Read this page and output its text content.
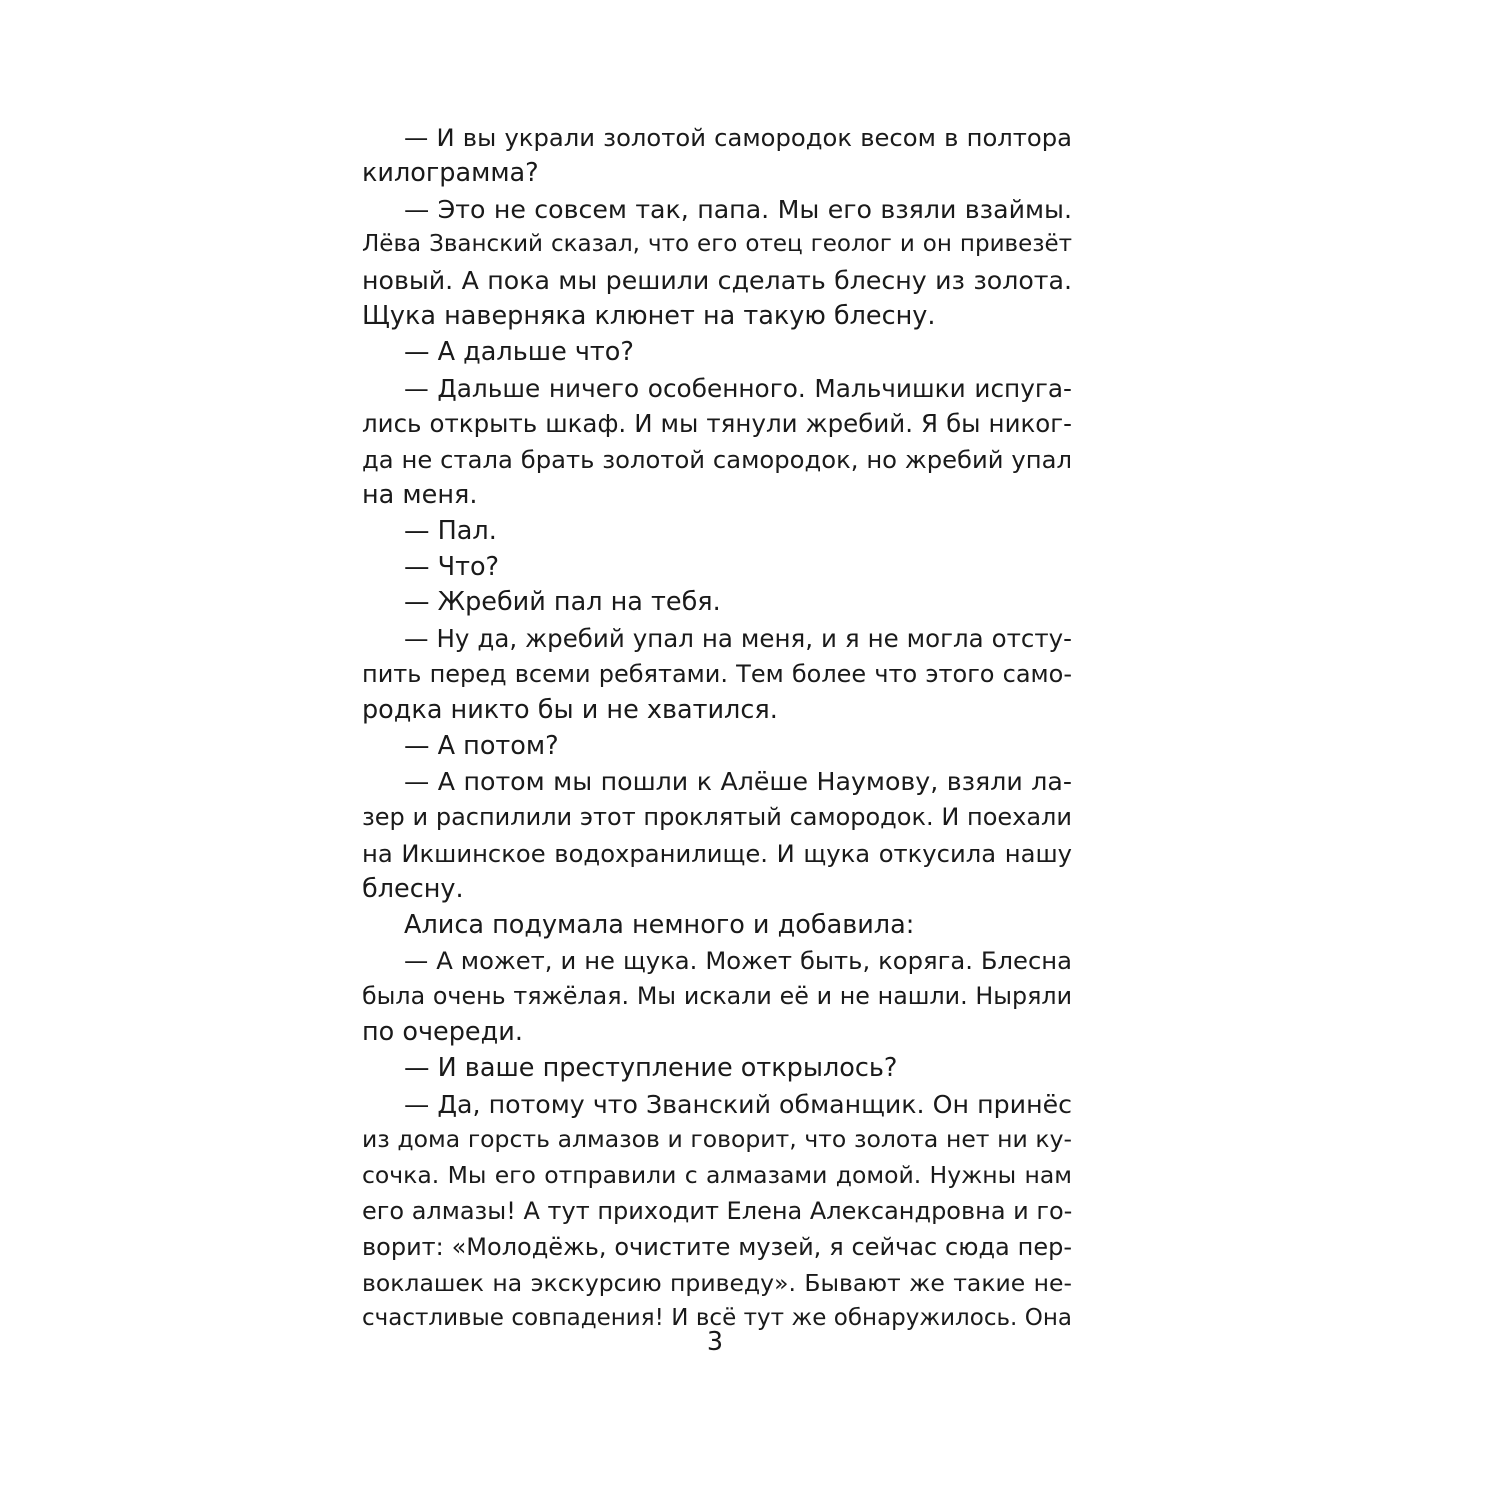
— И вы украли золотой самородок весом в полтора
килограмма?
— Это не совсем так, папа. Мы его взяли взаймы.
Лёва Званский сказал, что его отец геолог и он привезёт
новый. А пока мы решили сделать блесну из золота.
Щука наверняка клюнет на такую блесну.
— А дальше что?
— Дальше ничего особенного. Мальчишки испуга-
лись открыть шкаф. И мы тянули жребий. Я бы никог-
да не стала брать золотой самородок, но жребий упал
на меня.
— Пал.
— Что?
— Жребий пал на тебя.
— Ну да, жребий упал на меня, и я не могла отсту-
пить перед всеми ребятами. Тем более что этого само-
родка никто бы и не хватился.
— А потом?
— А потом мы пошли к Алёше Наумову, взяли ла-
зер и распилили этот проклятый самородок. И поехали
на Икшинское водохранилище. И щука откусила нашу
блесну.
Алиса подумала немного и добавила:
— А может, и не щука. Может быть, коряга. Блесна
была очень тяжёлая. Мы искали её и не нашли. Ныряли
по очереди.
— И ваше преступление открылось?
— Да, потому что Званский обманщик. Он принёс
из дома горсть алмазов и говорит, что золота нет ни ку-
сочка. Мы его отправили с алмазами домой. Нужны нам
его алмазы! А тут приходит Елена Александровна и го-
ворит: «Молодёжь, очистите музей, я сейчас сюда пер-
воклашек на экскурсию приведу». Бывают же такие не-
счастливые совпадения! И всё тут же обнаружилось. Она
3
